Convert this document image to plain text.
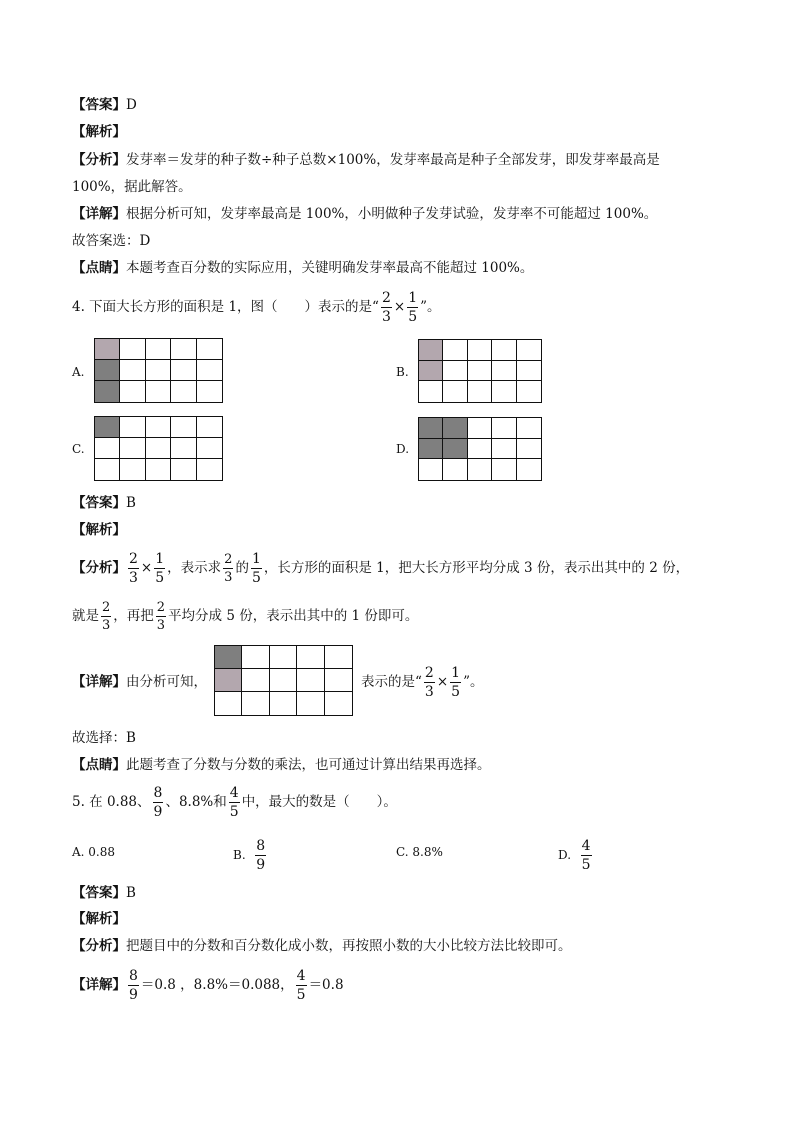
【答案】D
【解析】
【分析】发芽率＝发芽的种子数÷种子总数×100%，发芽率最高是种子全部发芽，即发芽率最高是
100%，据此解答。
【详解】根据分析可知，发芽率最高是 100%，小明做种子发芽试验，发芽率不可能超过 100%。
故答案选：D
【点睛】本题考查百分数的实际应用，关键明确发芽率最高不能超过 100%。
4. 下面大长方形的面积是 1，图（　　）表示的是“ $\frac{2}{3} \times \frac{1}{5}$ ”。
A.	B.
C.	D.
【答案】B
【解析】
【分析】 $\frac{2}{3} \times \frac{1}{5}$ ，表示求 $\frac{2}{3}$ 的 $\frac{1}{5}$ ，长方形的面积是 1，把大长方形平均分成 3 份，表示出其中的 2 份，
就是 $\frac{2}{3}$ ，再把 $\frac{2}{3}$ 平均分成 5 份，表示出其中的 1 份即可。
【详解】由分析可知，	表示的是“ $\frac{2}{3} \times \frac{1}{5}$ ”。
故选择：B
【点睛】此题考查了分数与分数的乘法，也可通过计算出结果再选择。
5. 在 0.88、 $\frac{8}{9}$ 、8.8%和 $\frac{4}{5}$ 中，最大的数是（　　）。
A. 0.88	B. $\frac{8}{9}$	C. 8.8%	D. $\frac{4}{5}$
【答案】B
【解析】
【分析】把题目中的分数和百分数化成小数，再按照小数的大小比较方法比较即可。
【详解】 $\frac{8}{9} =0.8$ ，8.8%＝0.088， $\frac{4}{5} =0.8$
